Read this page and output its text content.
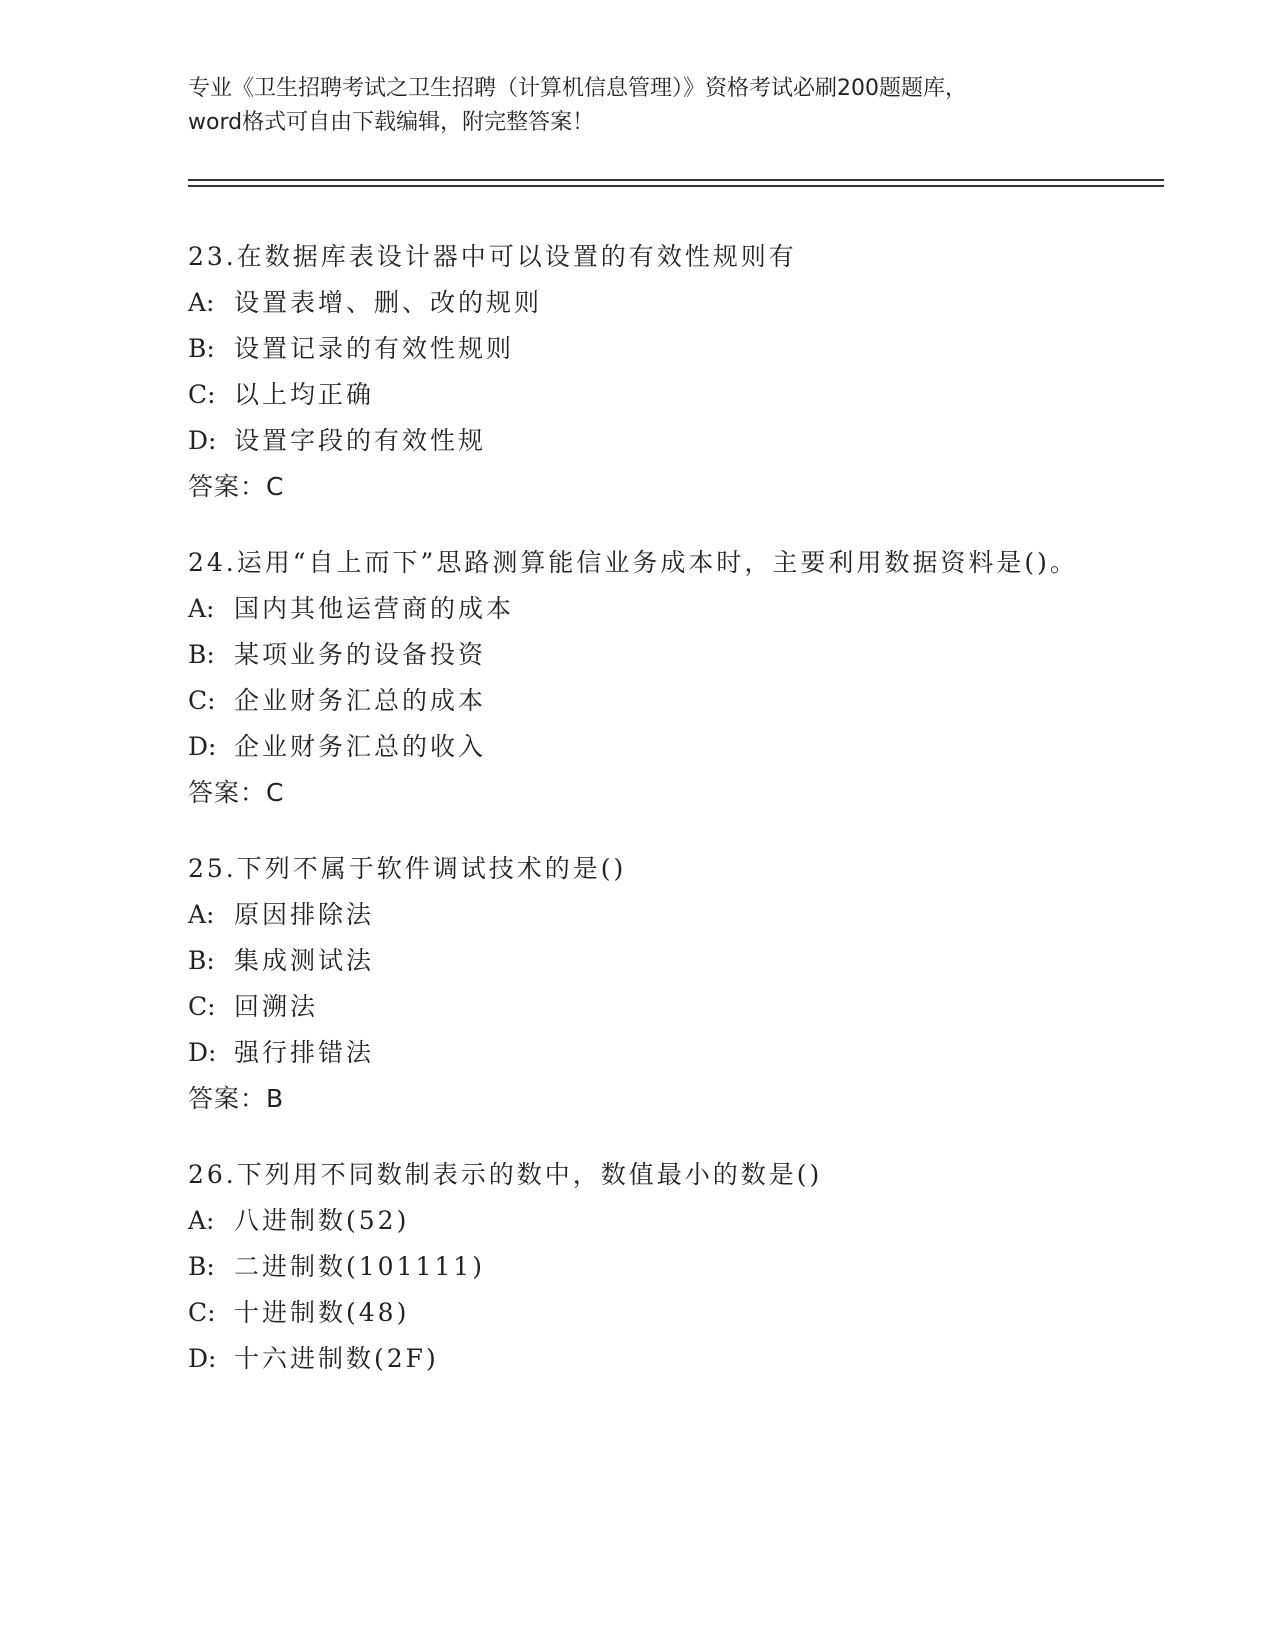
专业《卫生招聘考试之卫生招聘（计算机信息管理）》资格考试必刷200题题库，
word格式可自由下载编辑，附完整答案！
23.在数据库表设计器中可以设置的有效性规则有
A: 设置表增、删、改的规则
B: 设置记录的有效性规则
C: 以上均正确
D: 设置字段的有效性规
答案：C
24.运用“自上而下”思路测算能信业务成本时，主要利用数据资料是()。
A: 国内其他运营商的成本
B: 某项业务的设备投资
C: 企业财务汇总的成本
D: 企业财务汇总的收入
答案：C
25.下列不属于软件调试技术的是()
A: 原因排除法
B: 集成测试法
C: 回溯法
D: 强行排错法
答案：B
26.下列用不同数制表示的数中，数值最小的数是()
A: 八进制数(52)
B: 二进制数(101111)
C: 十进制数(48)
D: 十六进制数(2F)
